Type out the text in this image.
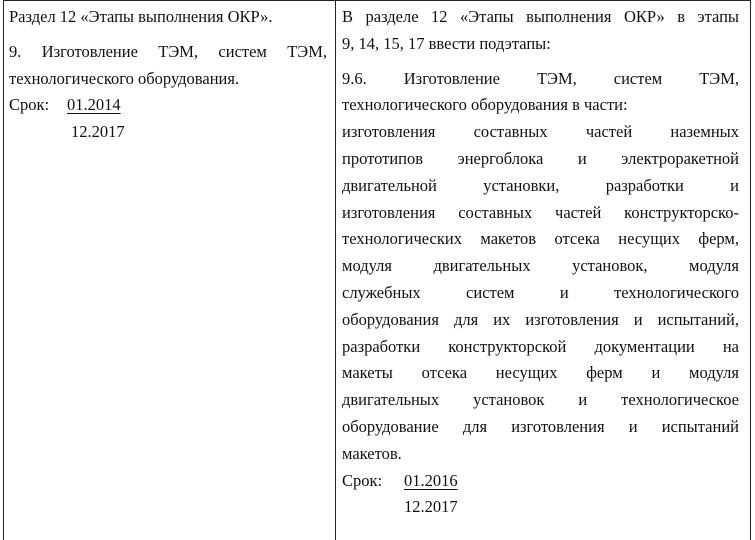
Раздел 12 «Этапы выполнения ОКР».
9. Изготовление ТЭМ, систем ТЭМ,
технологического оборудования.
Срок: 01.2014
12.2017
В разделе 12 «Этапы выполнения ОКР» в этапы
9, 14, 15, 17 ввести подэтапы:
9.6. Изготовление ТЭМ, систем ТЭМ,
технологического оборудования в части:
изготовления составных частей наземных
прототипов энергоблока и электроракетной
двигательной установки, разработки и
изготовления составных частей конструкторско-
технологических макетов отсека несущих ферм,
модуля двигательных установок, модуля
служебных систем и технологического
оборудования для их изготовления и испытаний,
разработки конструкторской документации на
макеты отсека несущих ферм и модуля
двигательных установок и технологическое
оборудование для изготовления и испытаний
макетов.
Срок: 01.2016
12.2017
